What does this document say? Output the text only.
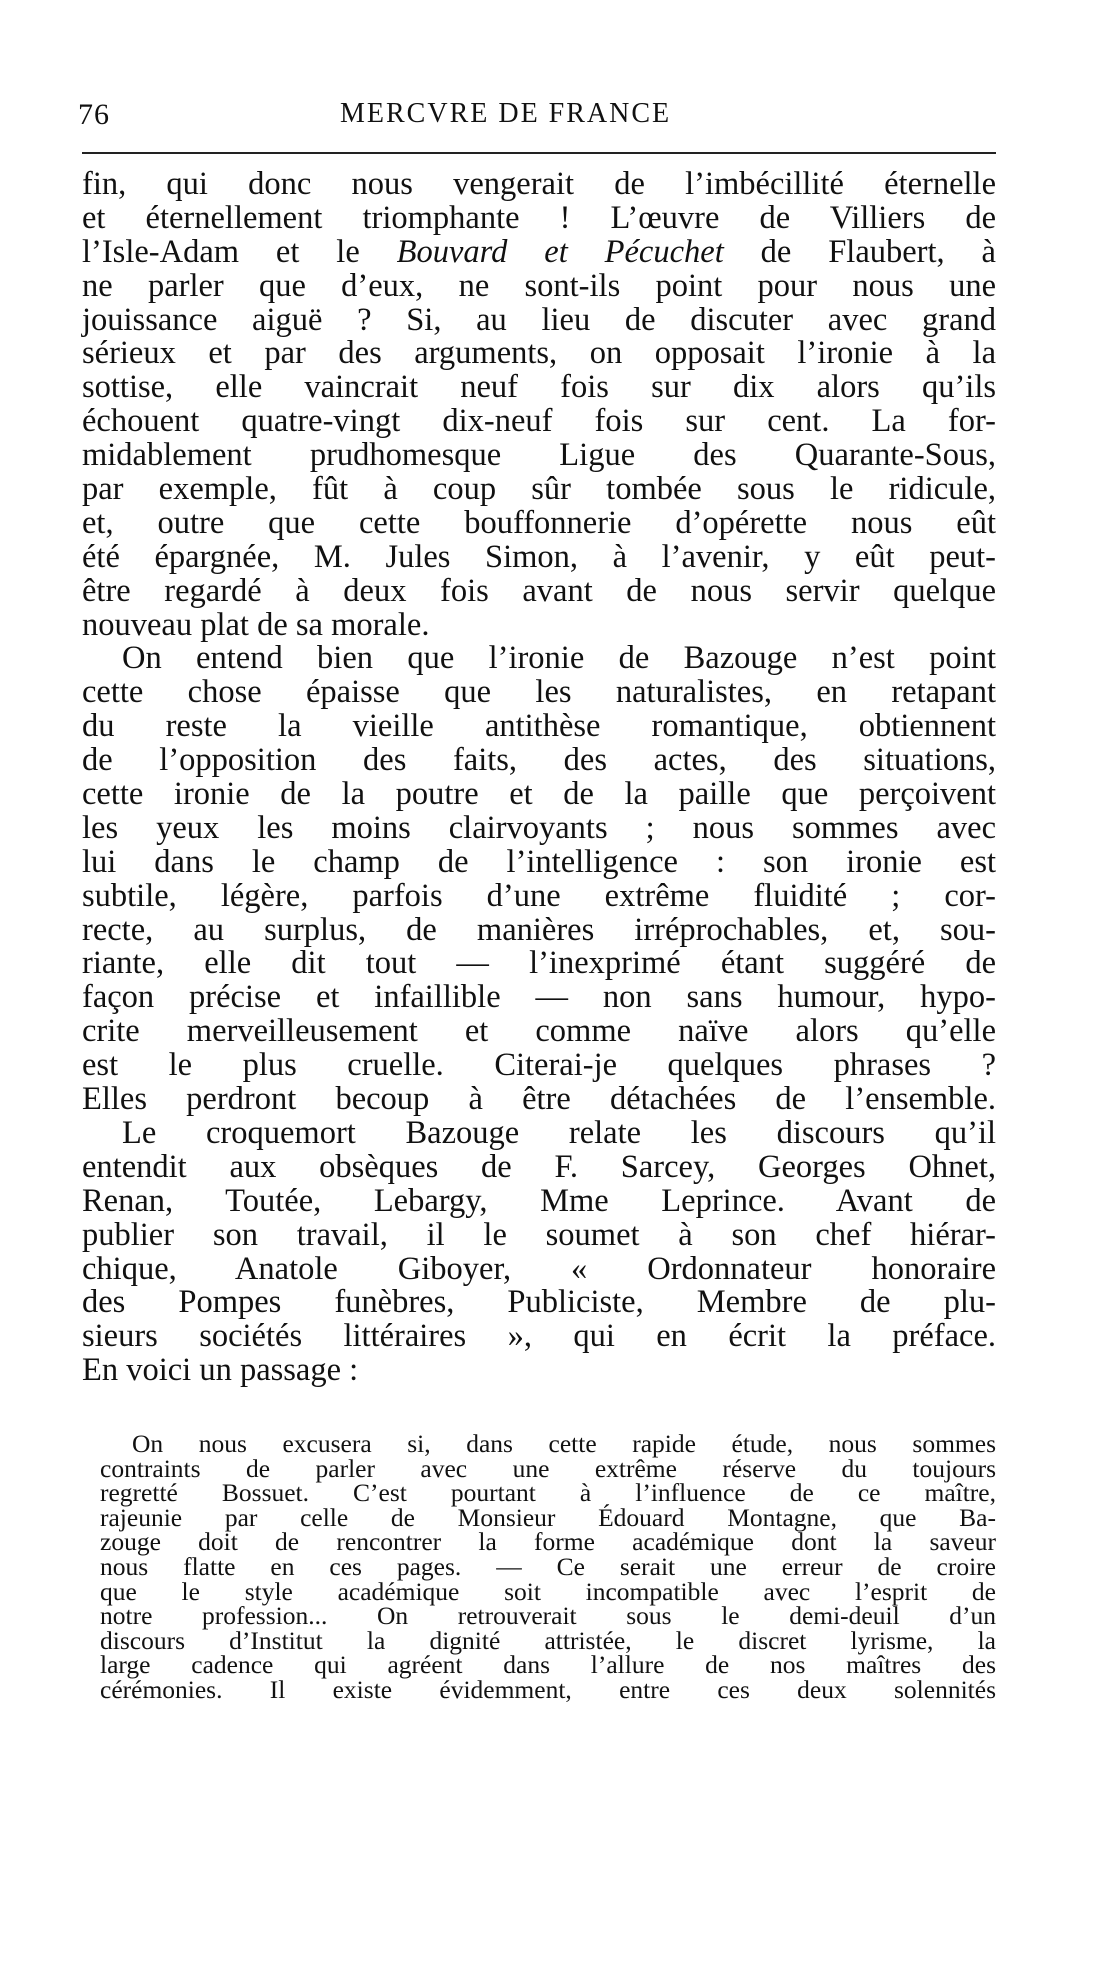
76	MERCVRE DE FRANCE
fin, qui donc nous vengerait de l’imbécillité éternelle
et éternellement triomphante ! L’œuvre de Villiers de
l’Isle-Adam et le Bouvard et Pécuchet de Flaubert, à
ne parler que d’eux, ne sont-ils point pour nous une
jouissance aiguë ? Si, au lieu de discuter avec grand
sérieux et par des arguments, on opposait l’ironie à la
sottise, elle vaincrait neuf fois sur dix alors qu’ils
échouent quatre-vingt dix-neuf fois sur cent. La for-
midablement prudhomesque Ligue des Quarante-Sous,
par exemple, fût à coup sûr tombée sous le ridicule,
et, outre que cette bouffonnerie d’opérette nous eût
été épargnée, M. Jules Simon, à l’avenir, y eût peut-
être regardé à deux fois avant de nous servir quelque
nouveau plat de sa morale.
On entend bien que l’ironie de Bazouge n’est point
cette chose épaisse que les naturalistes, en retapant
du reste la vieille antithèse romantique, obtiennent
de l’opposition des faits, des actes, des situations,
cette ironie de la poutre et de la paille que perçoivent
les yeux les moins clairvoyants ; nous sommes avec
lui dans le champ de l’intelligence : son ironie est
subtile, légère, parfois d’une extrême fluidité ; cor-
recte, au surplus, de manières irréprochables, et, sou-
riante, elle dit tout — l’inexprimé étant suggéré de
façon précise et infaillible — non sans humour, hypo-
crite merveilleusement et comme naïve alors qu’elle
est le plus cruelle. Citerai-je quelques phrases ?
Elles perdront becoup à être détachées de l’ensemble.
Le croquemort Bazouge relate les discours qu’il
entendit aux obsèques de F. Sarcey, Georges Ohnet,
Renan, Toutée, Lebargy, Mme Leprince. Avant de
publier son travail, il le soumet à son chef hiérar-
chique, Anatole Giboyer, « Ordonnateur honoraire
des Pompes funèbres, Publiciste, Membre de plu-
sieurs sociétés littéraires », qui en écrit la préface.
En voici un passage :
On nous excusera si, dans cette rapide étude, nous sommes
contraints de parler avec une extrême réserve du toujours
regretté Bossuet. C’est pourtant à l’influence de ce maître,
rajeunie par celle de Monsieur Édouard Montagne, que Ba-
zouge doit de rencontrer la forme académique dont la saveur
nous flatte en ces pages. — Ce serait une erreur de croire
que le style académique soit incompatible avec l’esprit de
notre profession... On retrouverait sous le demi-deuil d’un
discours d’Institut la dignité attristée, le discret lyrisme, la
large cadence qui agréent dans l’allure de nos maîtres des
cérémonies. Il existe évidemment, entre ces deux solennités
